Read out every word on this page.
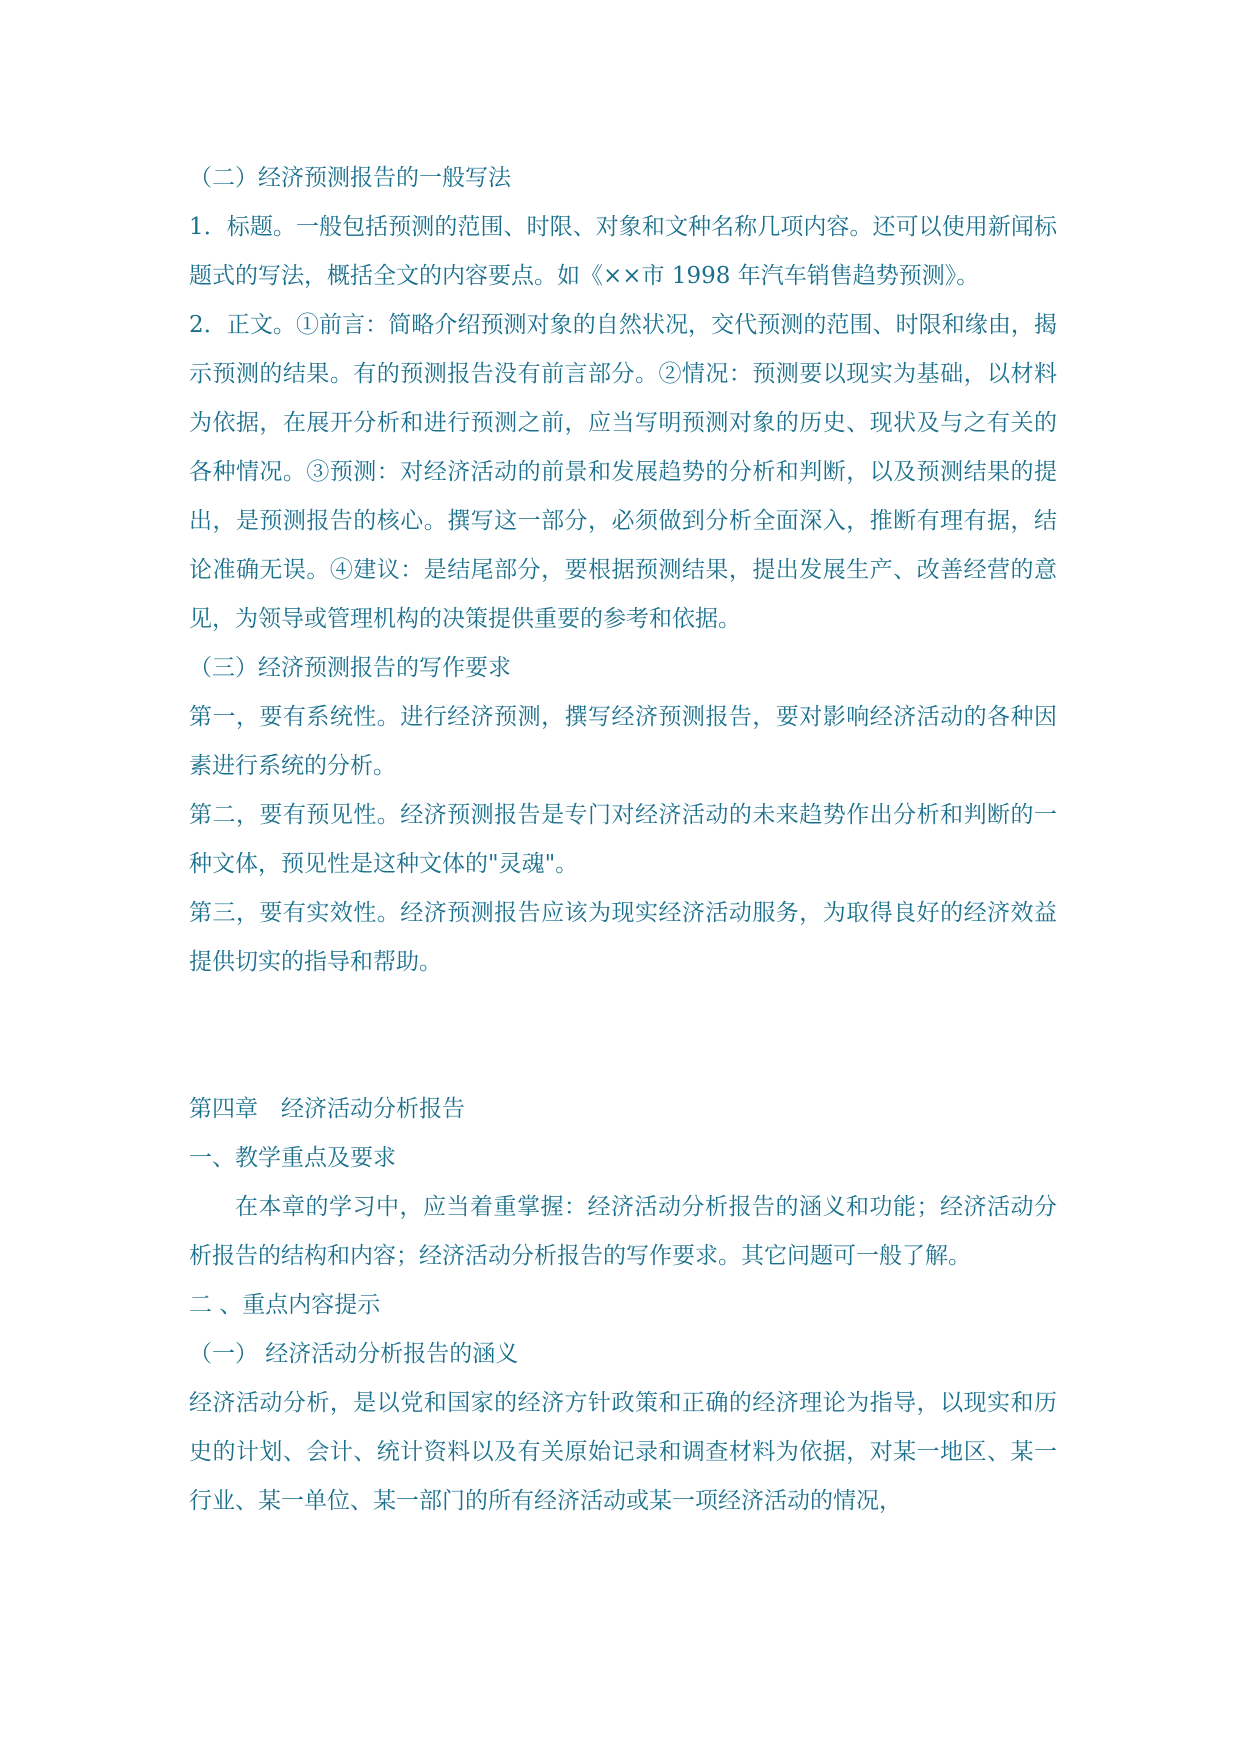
（二）经济预测报告的一般写法

1．标题。一般包括预测的范围、时限、对象和文种名称几项内容。还可以使用新闻标题式的写法，概括全文的内容要点。如《××市 1998 年汽车销售趋势预测》。

2．正文。①前言：简略介绍预测对象的自然状况，交代预测的范围、时限和缘由，揭示预测的结果。有的预测报告没有前言部分。②情况：预测要以现实为基础，以材料为依据，在展开分析和进行预测之前，应当写明预测对象的历史、现状及与之有关的各种情况。③预测：对经济活动的前景和发展趋势的分析和判断，以及预测结果的提出，是预测报告的核心。撰写这一部分，必须做到分析全面深入，推断有理有据，结论准确无误。④建议：是结尾部分，要根据预测结果，提出发展生产、改善经营的意见，为领导或管理机构的决策提供重要的参考和依据。

（三）经济预测报告的写作要求

第一，要有系统性。进行经济预测，撰写经济预测报告，要对影响经济活动的各种因素进行系统的分析。

第二，要有预见性。经济预测报告是专门对经济活动的未来趋势作出分析和判断的一种文体，预见性是这种文体的"灵魂"。

第三，要有实效性。经济预测报告应该为现实经济活动服务，为取得良好的经济效益提供切实的指导和帮助。

第四章　经济活动分析报告

一、教学重点及要求

在本章的学习中，应当着重掌握：经济活动分析报告的涵义和功能；经济活动分析报告的结构和内容；经济活动分析报告的写作要求。其它问题可一般了解。

二 、重点内容提示

（一） 经济活动分析报告的涵义

经济活动分析，是以党和国家的经济方针政策和正确的经济理论为指导，以现实和历史的计划、会计、统计资料以及有关原始记录和调查材料为依据，对某一地区、某一行业、某一单位、某一部门的所有经济活动或某一项经济活动的情况，
